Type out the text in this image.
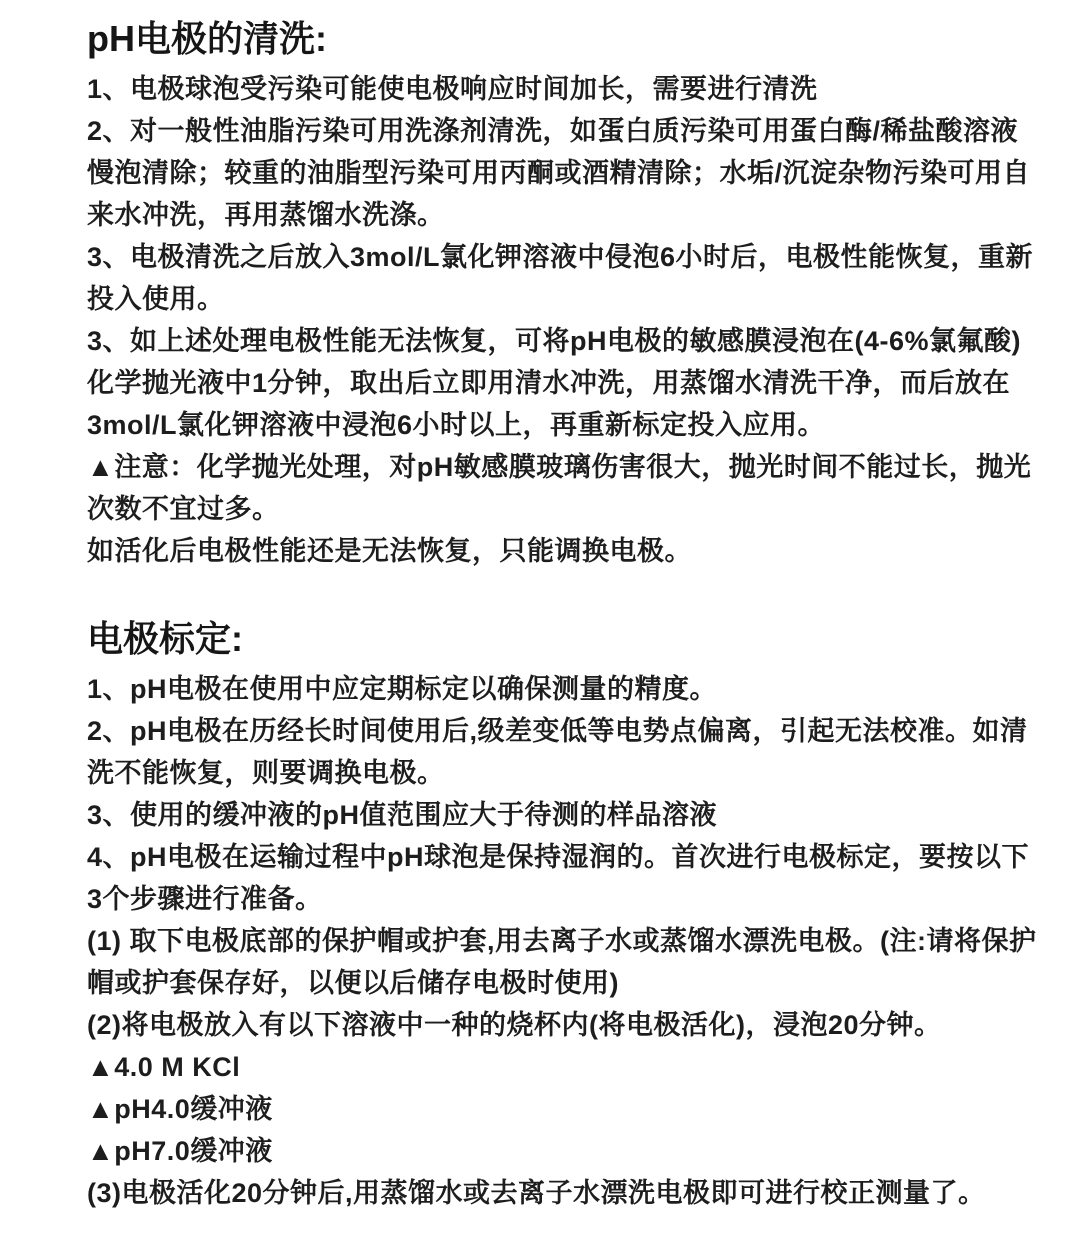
pH电极的清洗:

1、电极球泡受污染可能使电极响应时间加长，需要进行清洗

2、对一般性油脂污染可用洗涤剂清洗，如蛋白质污染可用蛋白酶/稀盐酸溶液

慢泡清除；较重的油脂型污染可用丙酮或酒精清除；水垢/沉淀杂物污染可用自

来水冲洗，再用蒸馏水洗涤。

3、电极清洗之后放入3mol/L氯化钾溶液中侵泡6小时后，电极性能恢复，重新

投入使用。

3、如上述处理电极性能无法恢复，可将pH电极的敏感膜浸泡在(4-6%氯氟酸)

化学抛光液中1分钟，取出后立即用清水冲洗，用蒸馏水清洗干净，而后放在

3mol/L氯化钾溶液中浸泡6小时以上，再重新标定投入应用。

▲注意：化学抛光处理，对pH敏感膜玻璃伤害很大，抛光时间不能过长，抛光

次数不宜过多。

如活化后电极性能还是无法恢复，只能调换电极。

电极标定:

1、pH电极在使用中应定期标定以确保测量的精度。

2、pH电极在历经长时间使用后,级差变低等电势点偏离，引起无法校准。如清

洗不能恢复，则要调换电极。

3、使用的缓冲液的pH值范围应大于待测的样品溶液

4、pH电极在运输过程中pH球泡是保持湿润的。首次进行电极标定，要按以下

3个步骤进行准备。

(1) 取下电极底部的保护帽或护套,用去离子水或蒸馏水漂洗电极。(注:请将保护

帽或护套保存好，以便以后储存电极时使用)

(2)将电极放入有以下溶液中一种的烧杯内(将电极活化)，浸泡20分钟。

▲4.0 M KCl

▲pH4.0缓冲液

▲pH7.0缓冲液

(3)电极活化20分钟后,用蒸馏水或去离子水漂洗电极即可进行校正测量了。
